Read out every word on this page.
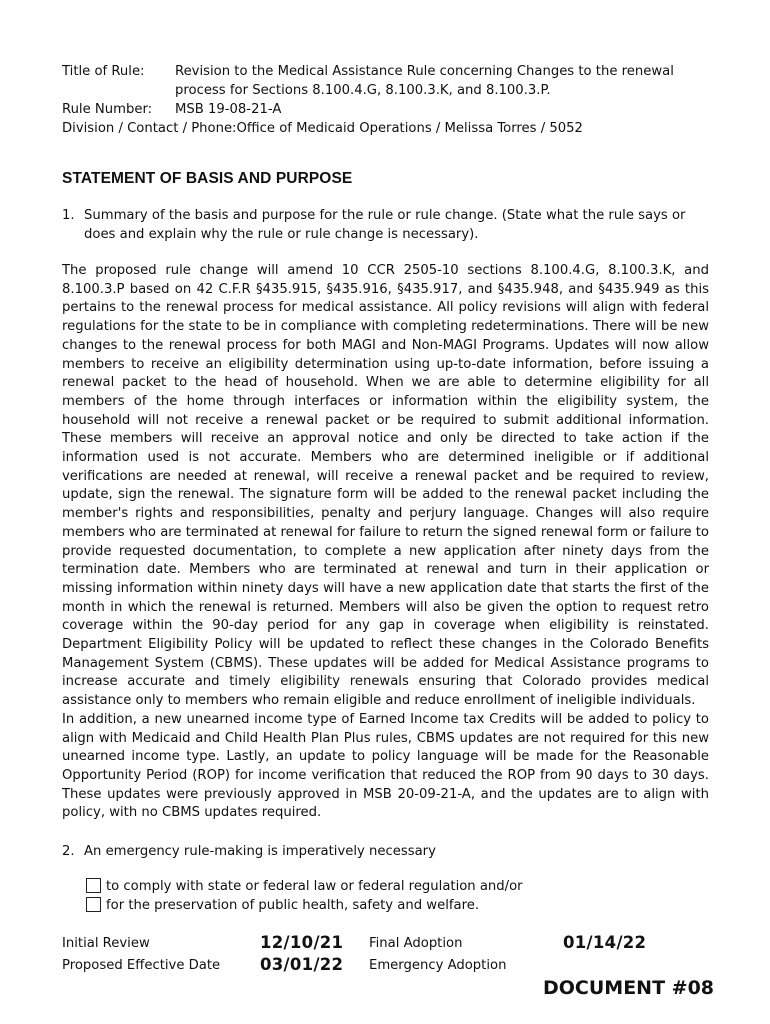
Title of Rule: Revision to the Medical Assistance Rule concerning Changes to the renewal process for Sections 8.100.4.G, 8.100.3.K, and 8.100.3.P.
Rule Number: MSB 19-08-21-A
Division / Contact / Phone:Office of Medicaid Operations / Melissa Torres / 5052
STATEMENT OF BASIS AND PURPOSE
1. Summary of the basis and purpose for the rule or rule change. (State what the rule says or does and explain why the rule or rule change is necessary).

The proposed rule change will amend 10 CCR 2505-10 sections 8.100.4.G, 8.100.3.K, and 8.100.3.P based on 42 C.F.R §435.915, §435.916, §435.917, and §435.948, and §435.949 as this pertains to the renewal process for medical assistance. All policy revisions will align with federal regulations for the state to be in compliance with completing redeterminations. There will be new changes to the renewal process for both MAGI and Non-MAGI Programs. Updates will now allow members to receive an eligibility determination using up-to-date information, before issuing a renewal packet to the head of household. When we are able to determine eligibility for all members of the home through interfaces or information within the eligibility system, the household will not receive a renewal packet or be required to submit additional information. These members will receive an approval notice and only be directed to take action if the information used is not accurate. Members who are determined ineligible or if additional verifications are needed at renewal, will receive a renewal packet and be required to review, update, sign the renewal. The signature form will be added to the renewal packet including the member's rights and responsibilities, penalty and perjury language. Changes will also require members who are terminated at renewal for failure to return the signed renewal form or failure to provide requested documentation, to complete a new application after ninety days from the termination date. Members who are terminated at renewal and turn in their application or missing information within ninety days will have a new application date that starts the first of the month in which the renewal is returned. Members will also be given the option to request retro coverage within the 90-day period for any gap in coverage when eligibility is reinstated. Department Eligibility Policy will be updated to reflect these changes in the Colorado Benefits Management System (CBMS). These updates will be added for Medical Assistance programs to increase accurate and timely eligibility renewals ensuring that Colorado provides medical assistance only to members who remain eligible and reduce enrollment of ineligible individuals.

In addition, a new unearned income type of Earned Income tax Credits will be added to policy to align with Medicaid and Child Health Plan Plus rules, CBMS updates are not required for this new unearned income type. Lastly, an update to policy language will be made for the Reasonable Opportunity Period (ROP) for income verification that reduced the ROP from 90 days to 30 days. These updates were previously approved in MSB 20-09-21-A, and the updates are to align with policy, with no CBMS updates required.

2. An emergency rule-making is imperatively necessary
to comply with state or federal law or federal regulation and/or
for the preservation of public health, safety and welfare.
Initial Review	12/10/21 Final Adoption	01/14/22
Proposed Effective Date 03/01/22 Emergency Adoption
DOCUMENT #08
